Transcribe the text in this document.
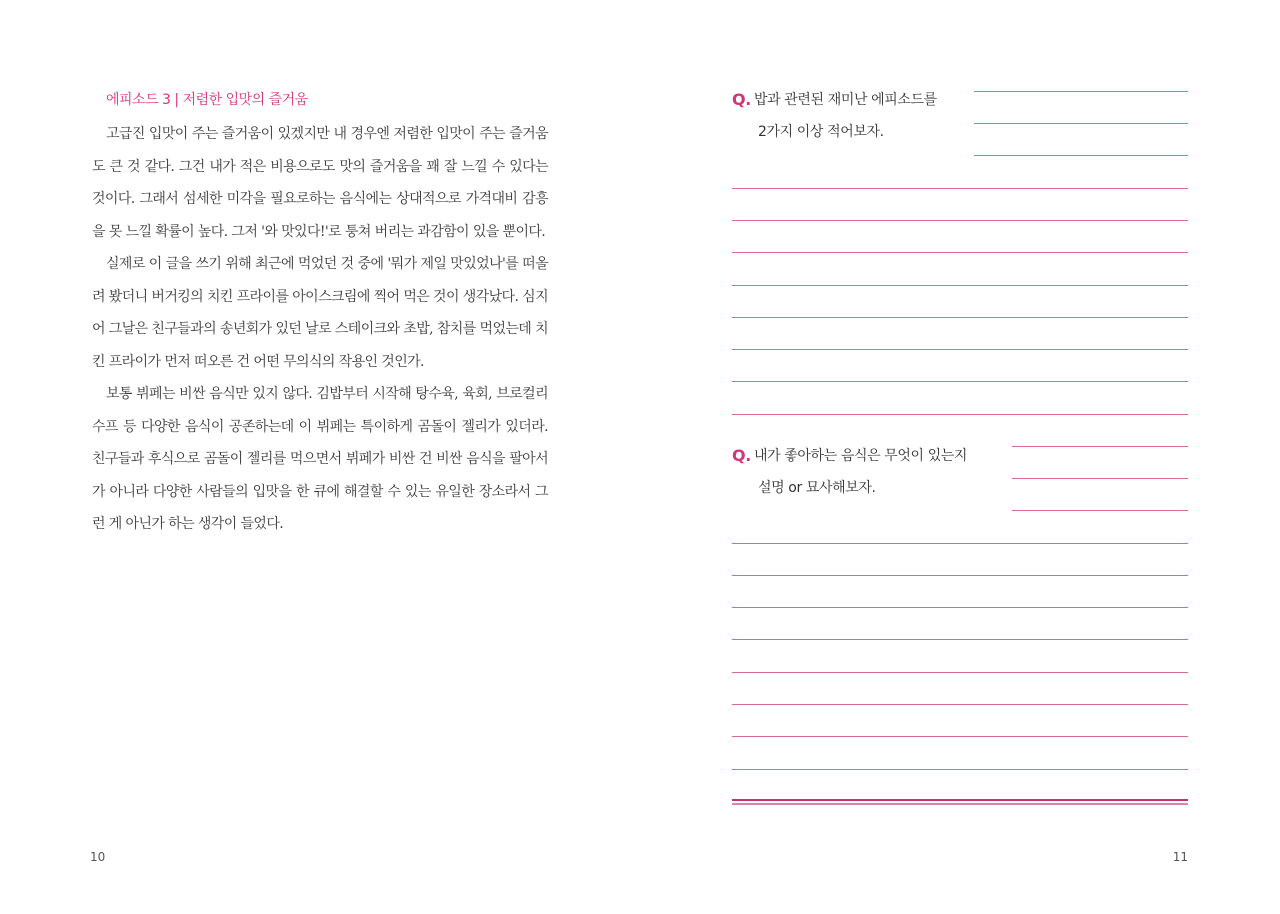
에피소드 3 | 저렴한 입맛의 즐거움

고급진 입맛이 주는 즐거움이 있겠지만 내 경우엔 저렴한 입맛이 주는 즐거움도 큰 것 같다. 그건 내가 적은 비용으로도 맛의 즐거움을 꽤 잘 느낄 수 있다는 것이다. 그래서 섬세한 미각을 필요로하는 음식에는 상대적으로 가격대비 감흥을 못 느낄 확률이 높다. 그저 '와 맛있다!'로 퉁쳐 버리는 과감함이 있을 뿐이다.

실제로 이 글을 쓰기 위해 최근에 먹었던 것 중에 '뭐가 제일 맛있었나'를 떠올려 봤더니 버거킹의 치킨 프라이를 아이스크림에 찍어 먹은 것이 생각났다. 심지어 그날은 친구들과의 송년회가 있던 날로 스테이크와 초밥, 참치를 먹었는데 치킨 프라이가 먼저 떠오른 건 어떤 무의식의 작용인 것인가.

보통 뷔페는 비싼 음식만 있지 않다. 김밥부터 시작해 탕수육, 육회, 브로컬리 수프 등 다양한 음식이 공존하는데 이 뷔페는 특이하게 곰돌이 젤리가 있더라. 친구들과 후식으로 곰돌이 젤리를 먹으면서 뷔페가 비싼 건 비싼 음식을 팔아서가 아니라 다양한 사람들의 입맛을 한 큐에 해결할 수 있는 유일한 장소라서 그런 게 아닌가 하는 생각이 들었다.

10
Q. 밥과 관련된 재미난 에피소드를
2가지 이상 적어보자.
Q. 내가 좋아하는 음식은 무엇이 있는지
설명 or 묘사해보자.
11
